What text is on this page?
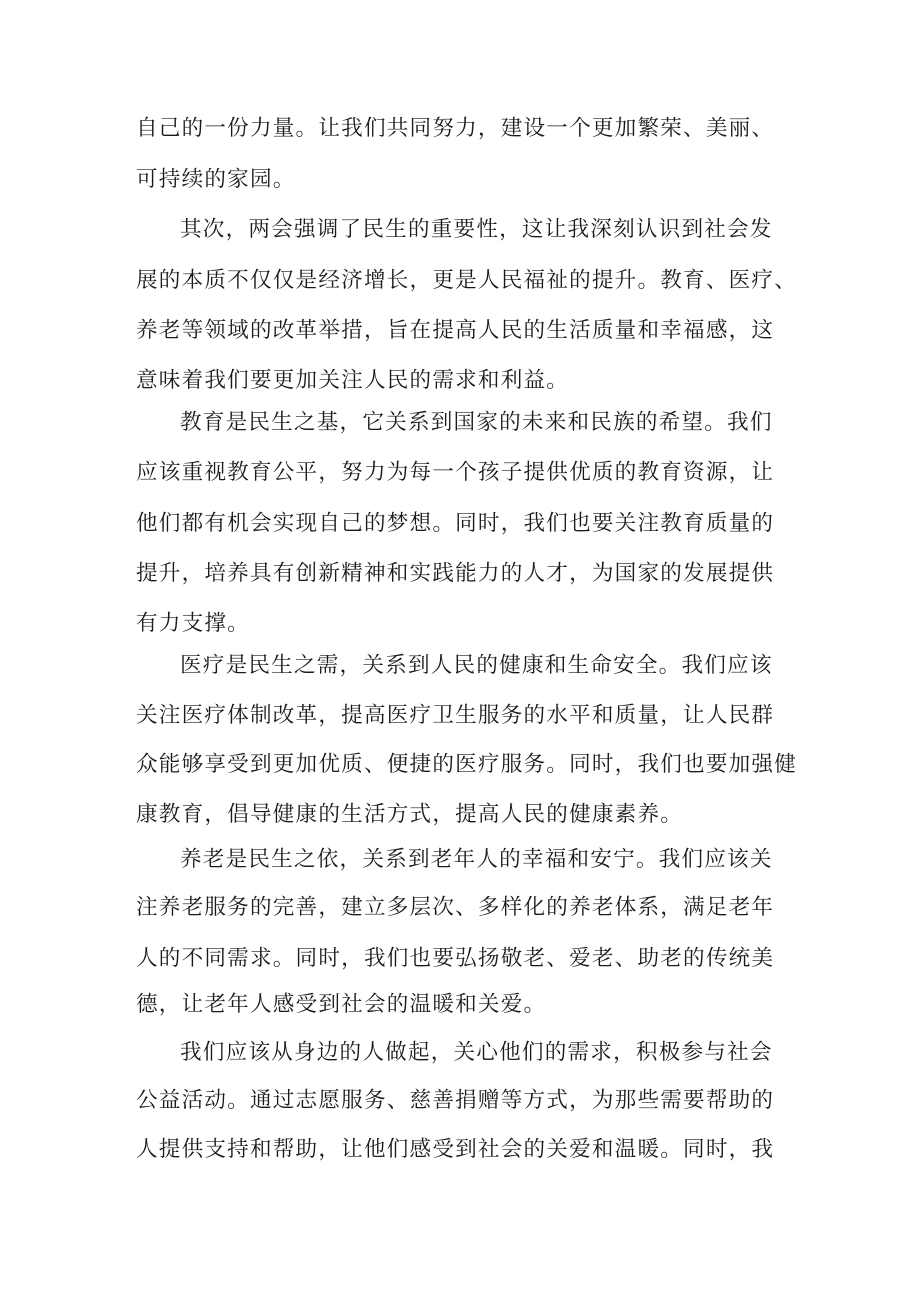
自己的一份力量。让我们共同努力，建设一个更加繁荣、美丽、
可持续的家园。
其次，两会强调了民生的重要性，这让我深刻认识到社会发
展的本质不仅仅是经济增长，更是人民福祉的提升。教育、医疗、
养老等领域的改革举措，旨在提高人民的生活质量和幸福感，这
意味着我们要更加关注人民的需求和利益。
教育是民生之基，它关系到国家的未来和民族的希望。我们
应该重视教育公平，努力为每一个孩子提供优质的教育资源，让
他们都有机会实现自己的梦想。同时，我们也要关注教育质量的
提升，培养具有创新精神和实践能力的人才，为国家的发展提供
有力支撑。
医疗是民生之需，关系到人民的健康和生命安全。我们应该
关注医疗体制改革，提高医疗卫生服务的水平和质量，让人民群
众能够享受到更加优质、便捷的医疗服务。同时，我们也要加强健
康教育，倡导健康的生活方式，提高人民的健康素养。
养老是民生之依，关系到老年人的幸福和安宁。我们应该关
注养老服务的完善，建立多层次、多样化的养老体系，满足老年
人的不同需求。同时，我们也要弘扬敬老、爱老、助老的传统美
德，让老年人感受到社会的温暖和关爱。
我们应该从身边的人做起，关心他们的需求，积极参与社会
公益活动。通过志愿服务、慈善捐赠等方式，为那些需要帮助的
人提供支持和帮助，让他们感受到社会的关爱和温暖。同时，我
